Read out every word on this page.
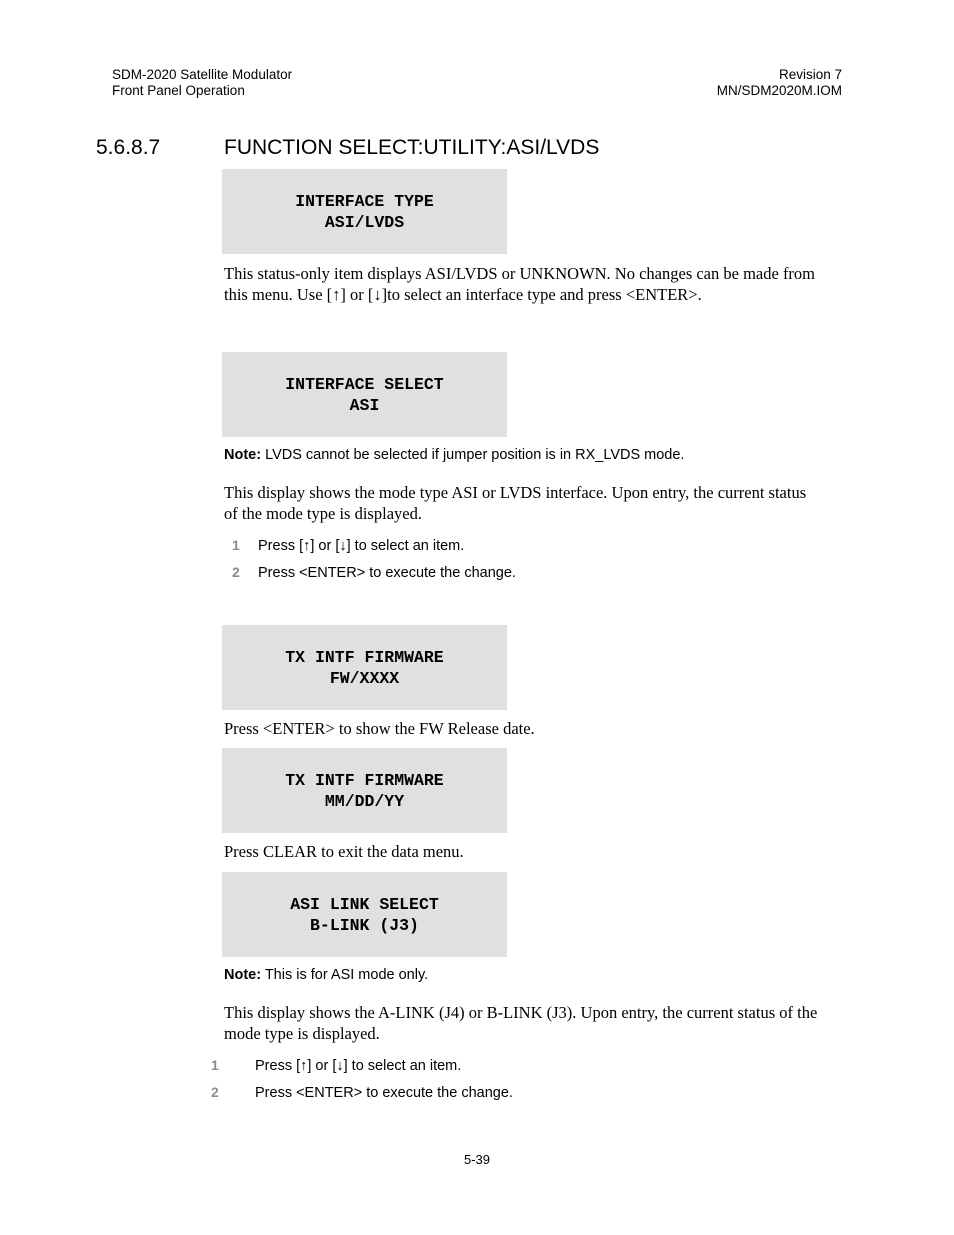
SDM-2020 Satellite Modulator
Front Panel Operation
Revision 7
MN/SDM2020M.IOM
5.6.8.7	FUNCTION SELECT:UTILITY:ASI/LVDS
INTERFACE TYPE
ASI/LVDS
This status-only item displays ASI/LVDS or UNKNOWN. No changes can be made from
this menu. Use [↑] or [↓]to select an interface type and press <ENTER>.
INTERFACE SELECT
ASI
Note: LVDS cannot be selected if jumper position is in RX_LVDS mode.
This display shows the mode type ASI or LVDS interface. Upon entry, the current status
of the mode type is displayed.
1 Press [↑] or [↓] to select an item.
2 Press <ENTER> to execute the change.
TX INTF FIRMWARE
FW/XXXX
Press <ENTER> to show the FW Release date.
TX INTF FIRMWARE
MM/DD/YY
Press CLEAR to exit the data menu.
ASI LINK SELECT
B-LINK (J3)
Note: This is for ASI mode only.
This display shows the A-LINK (J4) or B-LINK (J3). Upon entry, the current status of the
mode type is displayed.
1 Press [↑] or [↓] to select an item.
2 Press <ENTER> to execute the change.
5-39
